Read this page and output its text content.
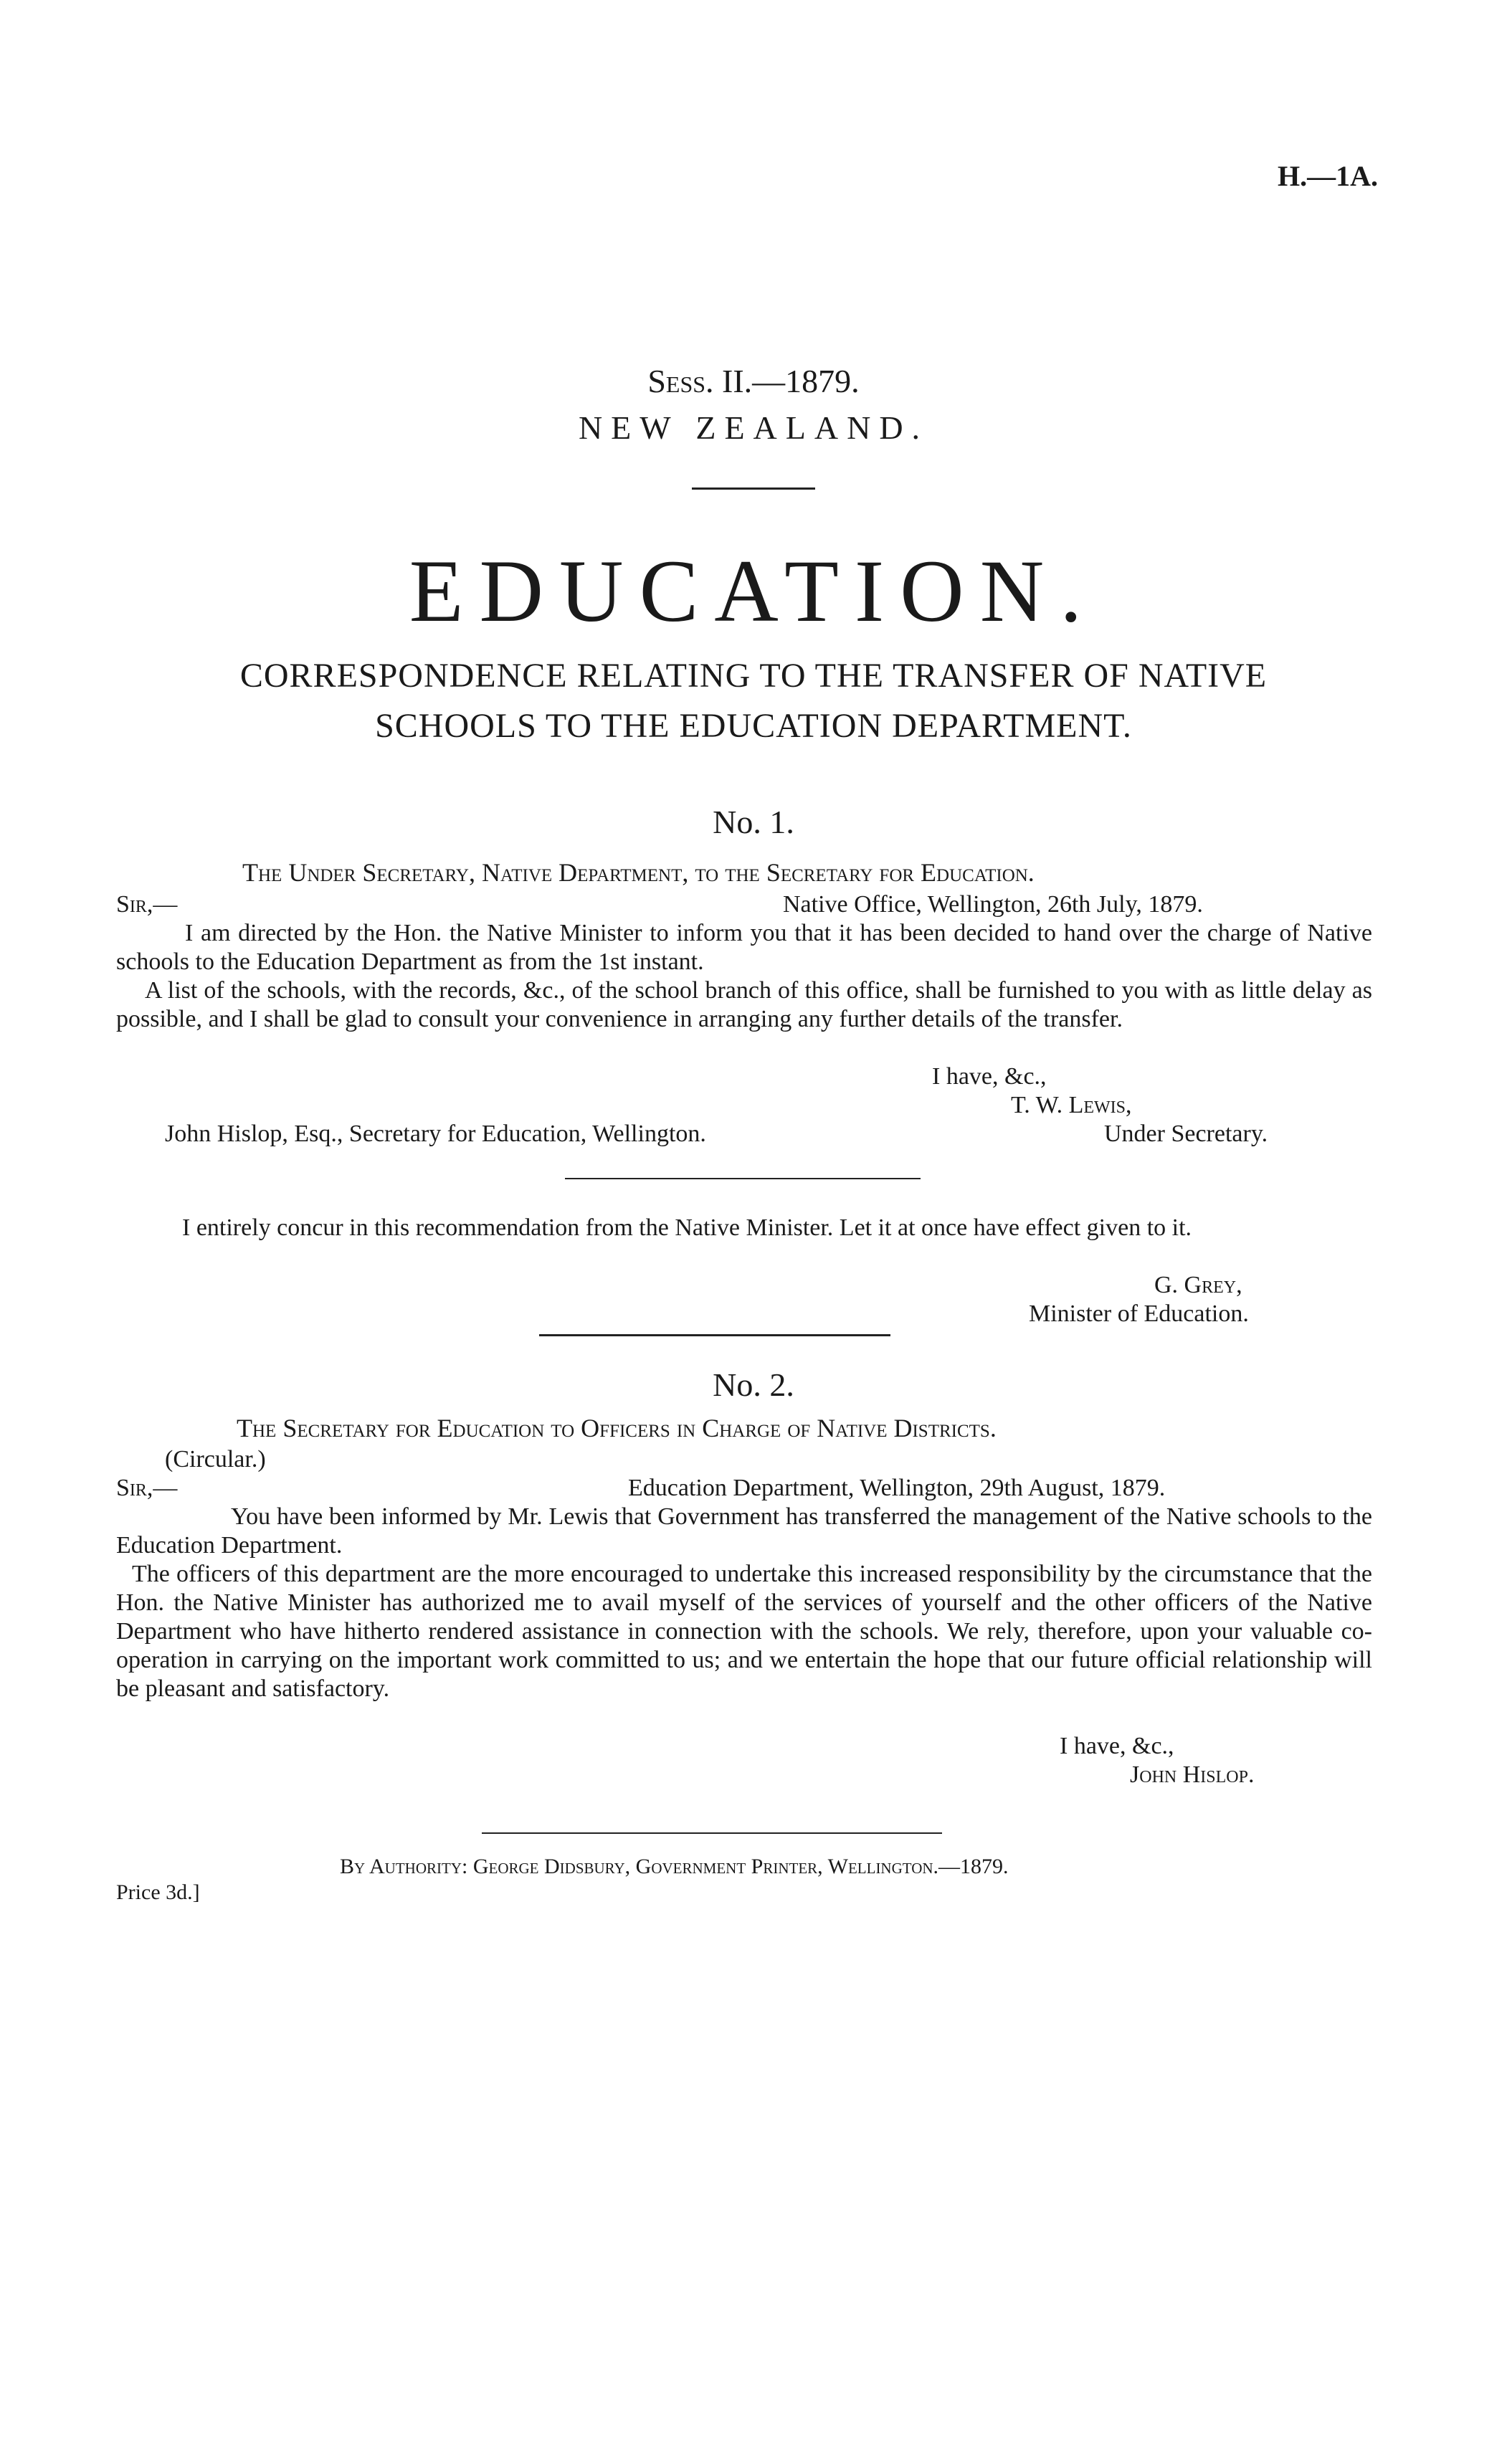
H.—1A.
Sess. II.—1879.
NEW ZEALAND.
EDUCATION.
CORRESPONDENCE RELATING TO THE TRANSFER OF NATIVE
SCHOOLS TO THE EDUCATION DEPARTMENT.
No. 1.
The Under Secretary, Native Department, to the Secretary for Education.
Sir,—	Native Office, Wellington, 26th July, 1879.
I am directed by the Hon. the Native Minister to inform you that it has been decided to hand over the charge of Native schools to the Education Department as from the 1st instant.
A list of the schools, with the records, &c., of the school branch of this office, shall be furnished to you with as little delay as possible, and I shall be glad to consult your convenience in arranging any further details of the transfer.
I have, &c.,
T. W. Lewis,
John Hislop, Esq., Secretary for Education, Wellington.	Under Secretary.
I entirely concur in this recommendation from the Native Minister. Let it at once have effect given to it.
G. Grey,
Minister of Education.
No. 2.
The Secretary for Education to Officers in Charge of Native Districts.
(Circular.)
Sir,—	Education Department, Wellington, 29th August, 1879.
You have been informed by Mr. Lewis that Government has transferred the management of the Native schools to the Education Department.
The officers of this department are the more encouraged to undertake this increased responsibility by the circumstance that the Hon. the Native Minister has authorized me to avail myself of the services of yourself and the other officers of the Native Department who have hitherto rendered assistance in connection with the schools. We rely, therefore, upon your valuable co-operation in carrying on the important work committed to us; and we entertain the hope that our future official relationship will be pleasant and satisfactory.
I have, &c.,
John Hislop.
By Authority: George Didsbury, Government Printer, Wellington.—1879.
Price 3d.]
